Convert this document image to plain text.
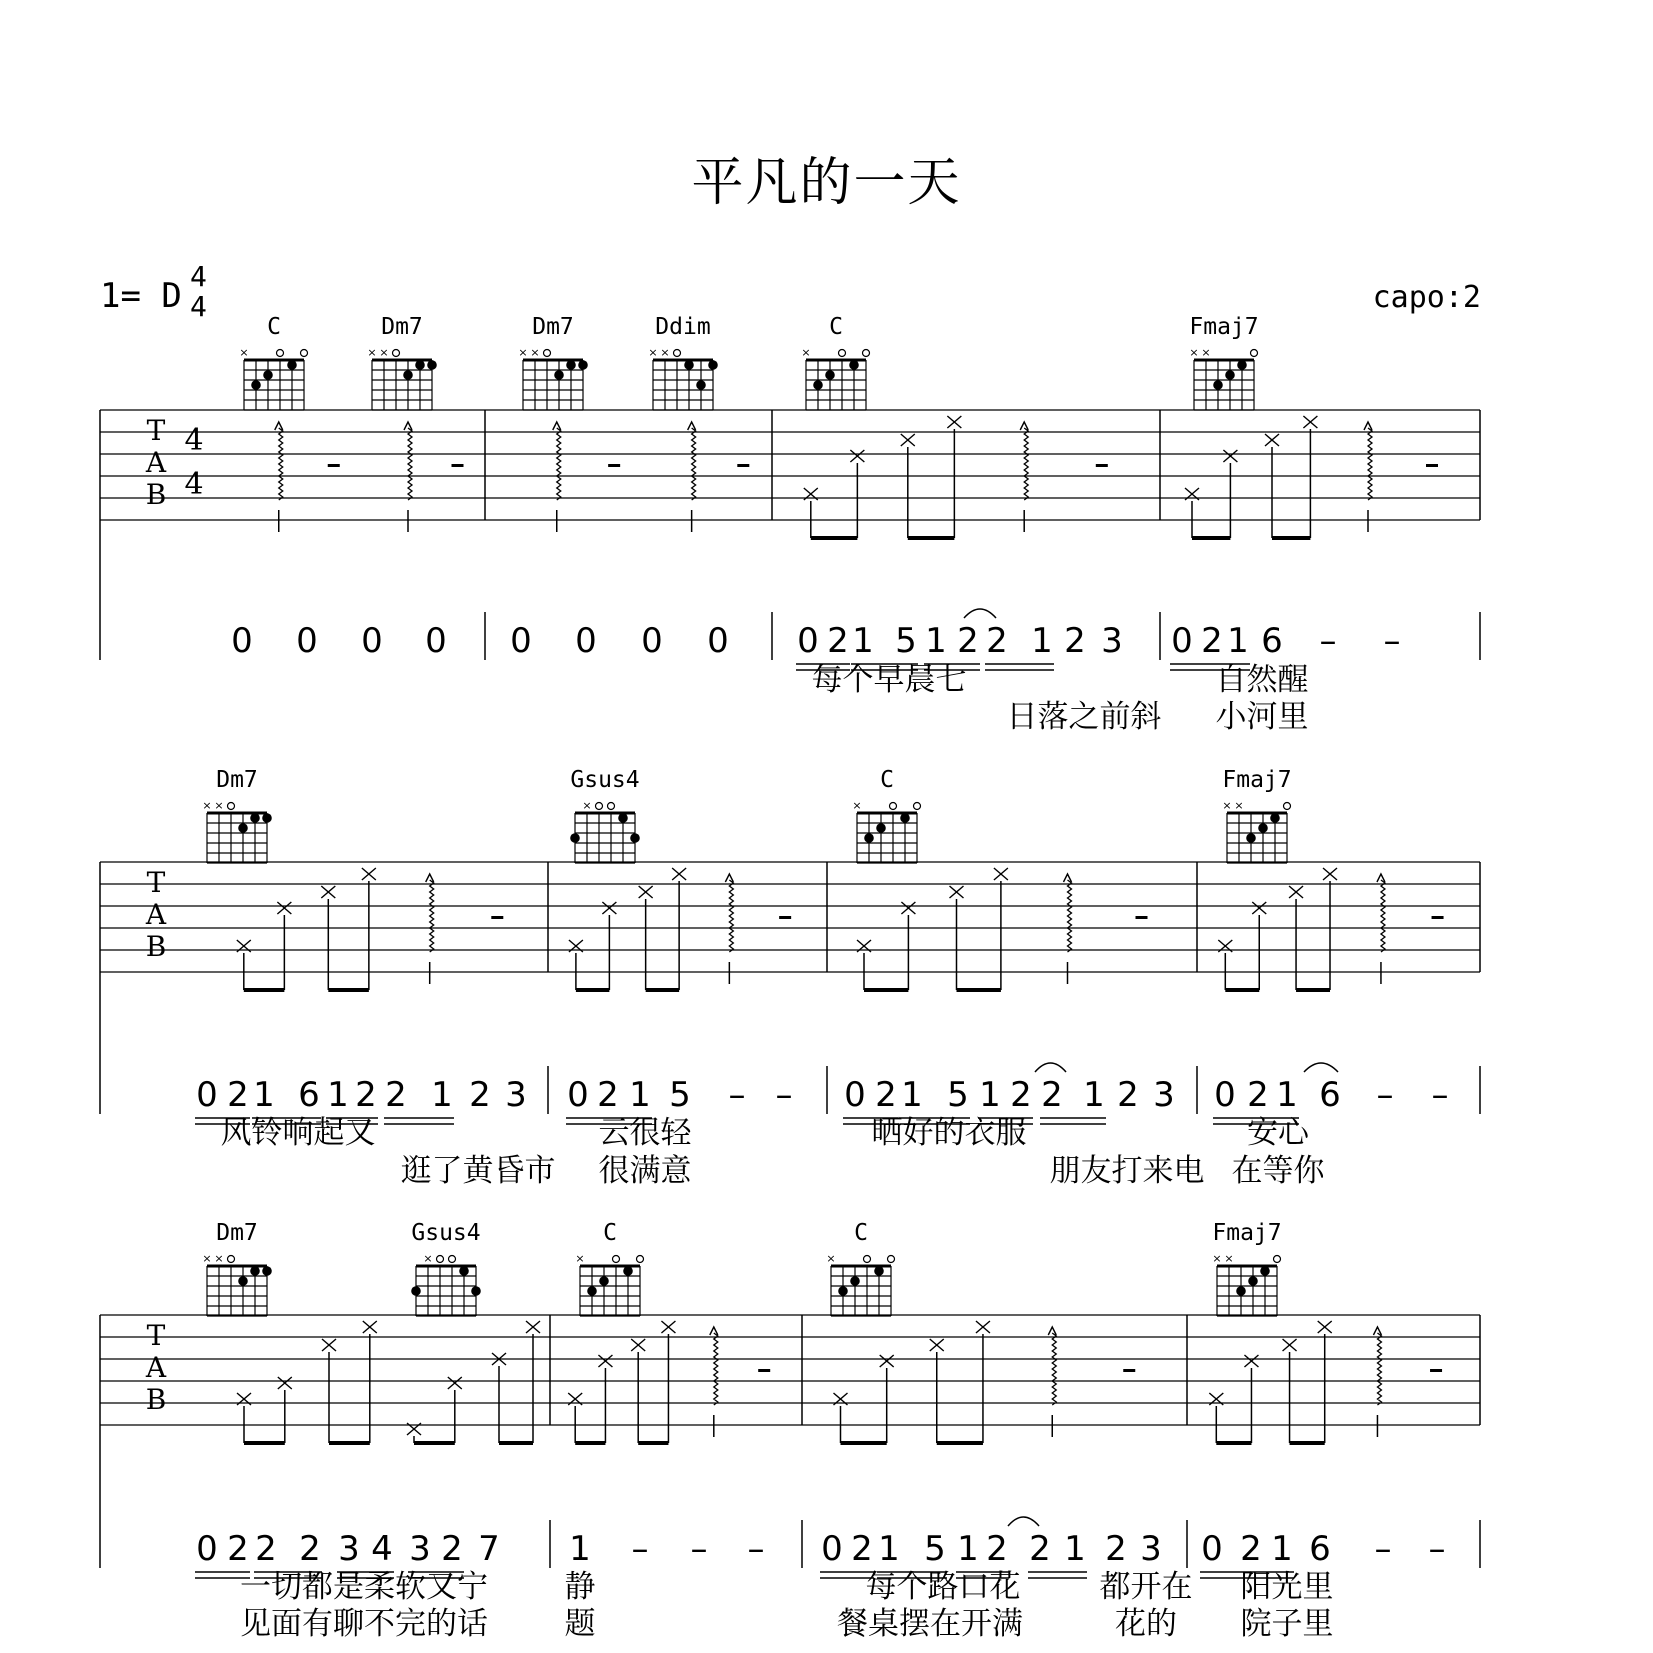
平凡的一天
1= D 4
4	capo:2
C
×
Dm7
× ×
Dm7
× ×
Ddim
× ×
C
×
Fmaj7
× ×
T
A
B
4
4
0 0 0 0 0 0 0 0 0 2 1 5 1 2 2 1 2 3
每个早晨七
日落之前斜
0 2 1 6 – –
自然醒
小河里
Dm7
× ×
Gsus4
×
C
×
Fmaj7
× ×
T
A
B
0 2 1 6 1 2 2 1 2 3
风铃响起又
逛了黄昏市
0 2 1 5 – –
云很轻
很满意
0 2 1 5 1 2 2 1 2 3
晒好的衣服
朋友打来电
0 2 1 6 – –
安心
在等你
Dm7
× ×
Gsus4
×
C
×
C
×
Fmaj7
× ×
T
A
B
0 2 2 2 3 4 3 2 7
一切都是柔软又宁
见面有聊不完的话
1 – – –
静
题
0 2 1 5 1 2 2 1 2 3
每个路口花	都开在
餐桌摆在开满	花的
0 2 1 6 – –
阳光里
院子里
